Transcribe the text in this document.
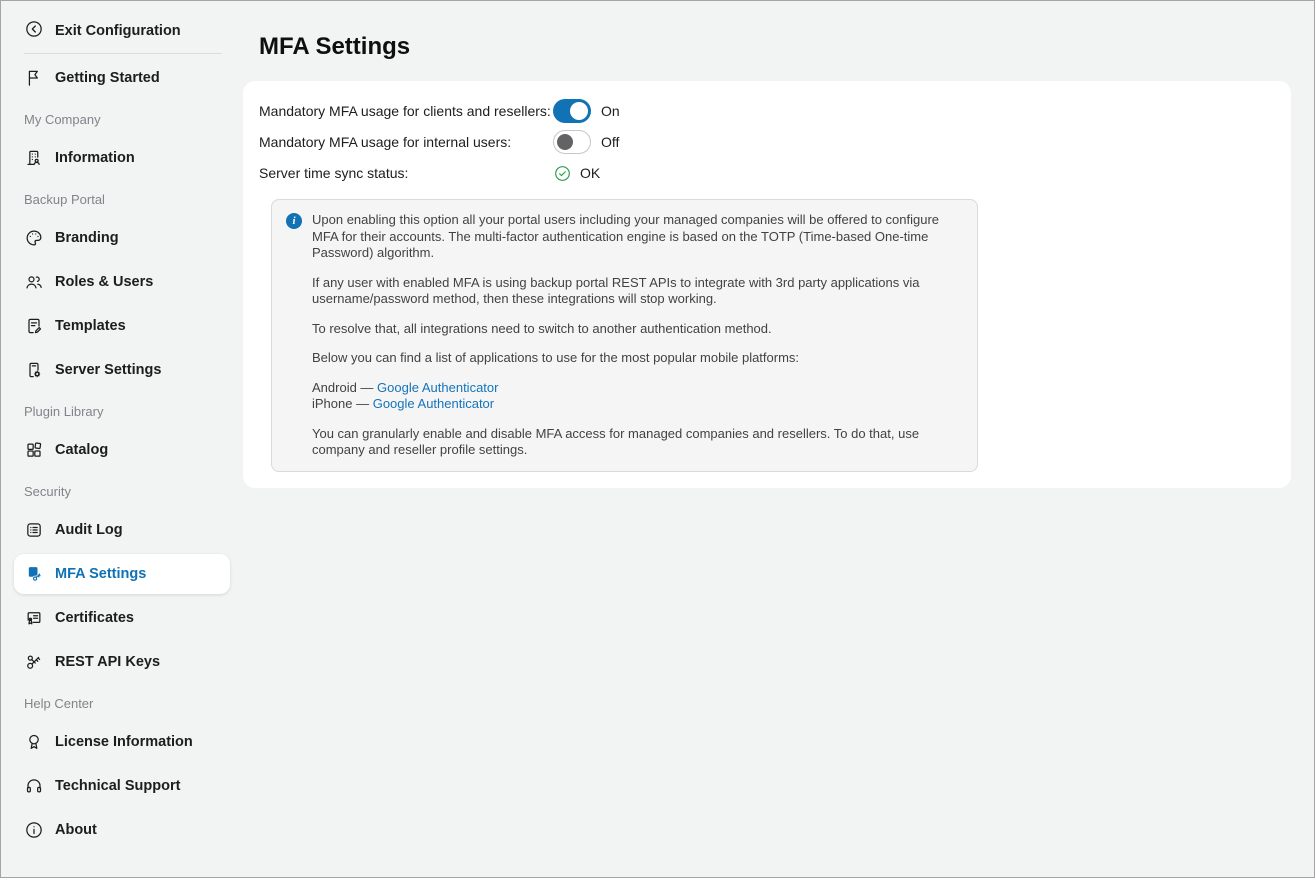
Exit Configuration
Getting Started
My Company
Information
Backup Portal
Branding
Roles & Users
Templates
Server Settings
Plugin Library
Catalog
Security
Audit Log
MFA Settings
Certificates
REST API Keys
Help Center
License Information
Technical Support
About
MFA Settings
Mandatory MFA usage for clients and resellers:	On
Mandatory MFA usage for internal users:	Off
Server time sync status:	OK
i	Upon enabling this option all your portal users including your managed companies will be offered to configure MFA for their accounts. The multi-factor authentication engine is based on the TOTP (Time-based One-time Password) algorithm.

If any user with enabled MFA is using backup portal REST APIs to integrate with 3rd party applications via username/password method, then these integrations will stop working.

To resolve that, all integrations need to switch to another authentication method.

Below you can find a list of applications to use for the most popular mobile platforms:

Android — Google Authenticator

iPhone — Google Authenticator

You can granularly enable and disable MFA access for managed companies and resellers. To do that, use company and reseller profile settings.
